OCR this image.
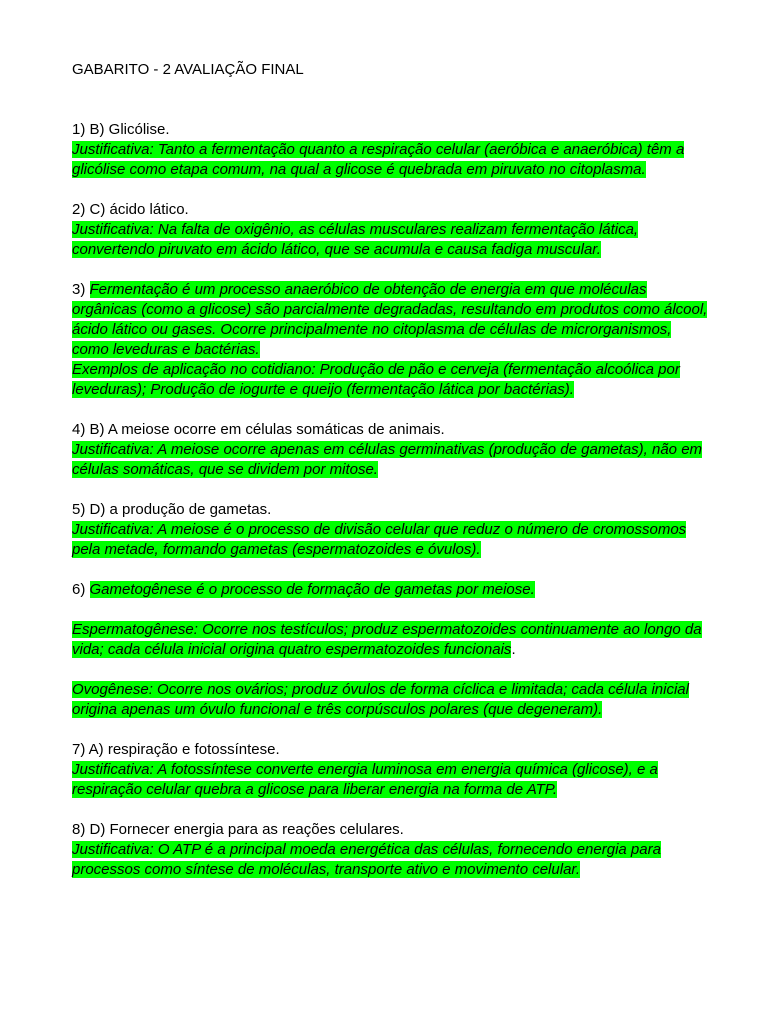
GABARITO - 2 AVALIAÇÃO FINAL
1) B) Glicólise.
Justificativa: Tanto a fermentação quanto a respiração celular (aeróbica e anaeróbica) têm a glicólise como etapa comum, na qual a glicose é quebrada em piruvato no citoplasma.
2) C) ácido lático.
Justificativa: Na falta de oxigênio, as células musculares realizam fermentação lática, convertendo piruvato em ácido lático, que se acumula e causa fadiga muscular.
3) Fermentação é um processo anaeróbico de obtenção de energia em que moléculas orgânicas (como a glicose) são parcialmente degradadas, resultando em produtos como álcool, ácido lático ou gases. Ocorre principalmente no citoplasma de células de microrganismos, como leveduras e bactérias.
Exemplos de aplicação no cotidiano: Produção de pão e cerveja (fermentação alcoólica por leveduras); Produção de iogurte e queijo (fermentação lática por bactérias).
4) B) A meiose ocorre em células somáticas de animais.
Justificativa: A meiose ocorre apenas em células germinativas (produção de gametas), não em células somáticas, que se dividem por mitose.
5) D) a produção de gametas.
Justificativa: A meiose é o processo de divisão celular que reduz o número de cromossomos pela metade, formando gametas (espermatozoides e óvulos).
6) Gametogênese é o processo de formação de gametas por meiose.
Espermatogênese: Ocorre nos testículos; produz espermatozoides continuamente ao longo da vida; cada célula inicial origina quatro espermatozoides funcionais.
Ovogênese: Ocorre nos ovários; produz óvulos de forma cíclica e limitada; cada célula inicial origina apenas um óvulo funcional e três corpúsculos polares (que degeneram).
7) A) respiração e fotossíntese.
Justificativa: A fotossíntese converte energia luminosa em energia química (glicose), e a respiração celular quebra a glicose para liberar energia na forma de ATP.
8) D) Fornecer energia para as reações celulares.
Justificativa: O ATP é a principal moeda energética das células, fornecendo energia para processos como síntese de moléculas, transporte ativo e movimento celular.
